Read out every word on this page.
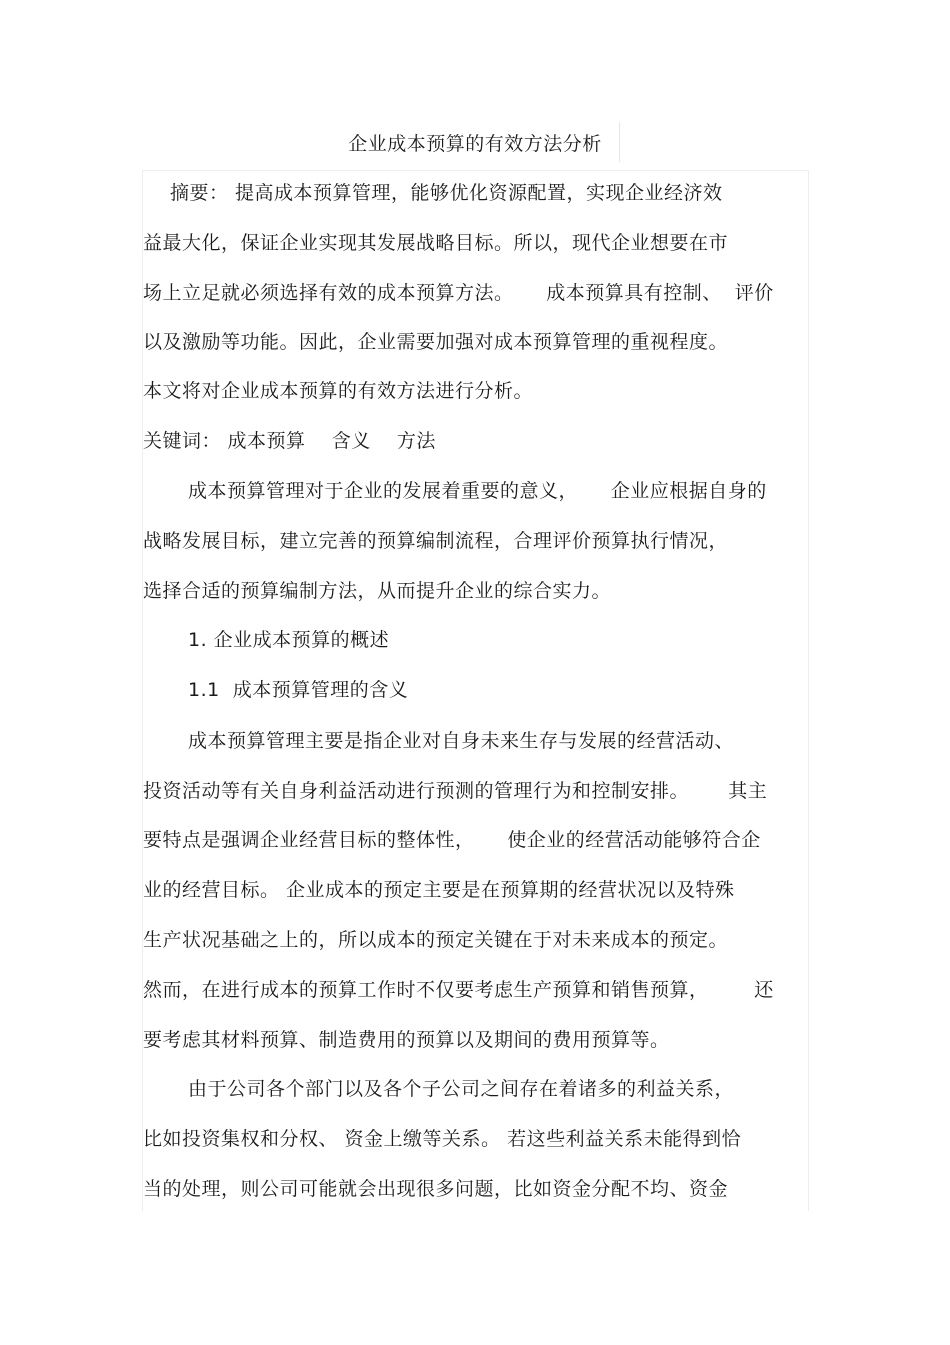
企业成本预算的有效方法分析
摘要： 提高成本预算管理，能够优化资源配置，实现企业经济效
益最大化，保证企业实现其发展战略目标。所以，现代企业想要在市
场上立足就必须选择有效的成本预算方法。     成本预算具有控制、  评价
以及激励等功能。因此，企业需要加强对成本预算管理的重视程度。
本文将对企业成本预算的有效方法进行分析。
关键词： 成本预算    含义    方法
成本预算管理对于企业的发展着重要的意义，     企业应根据自身的
战略发展目标，建立完善的预算编制流程，合理评价预算执行情况，
选择合适的预算编制方法，从而提升企业的综合实力。
1. 企业成本预算的概述
1.1  成本预算管理的含义
成本预算管理主要是指企业对自身未来生存与发展的经营活动、
投资活动等有关自身利益活动进行预测的管理行为和控制安排。      其主
要特点是强调企业经营目标的整体性，     使企业的经营活动能够符合企
业的经营目标。 企业成本的预定主要是在预算期的经营状况以及特殊
生产状况基础之上的，所以成本的预定关键在于对未来成本的预定。
然而，在进行成本的预算工作时不仅要考虑生产预算和销售预算，       还
要考虑其材料预算、制造费用的预算以及期间的费用预算等。
由于公司各个部门以及各个子公司之间存在着诸多的利益关系，
比如投资集权和分权、 资金上缴等关系。 若这些利益关系未能得到恰
当的处理，则公司可能就会出现很多问题，比如资金分配不均、资金
